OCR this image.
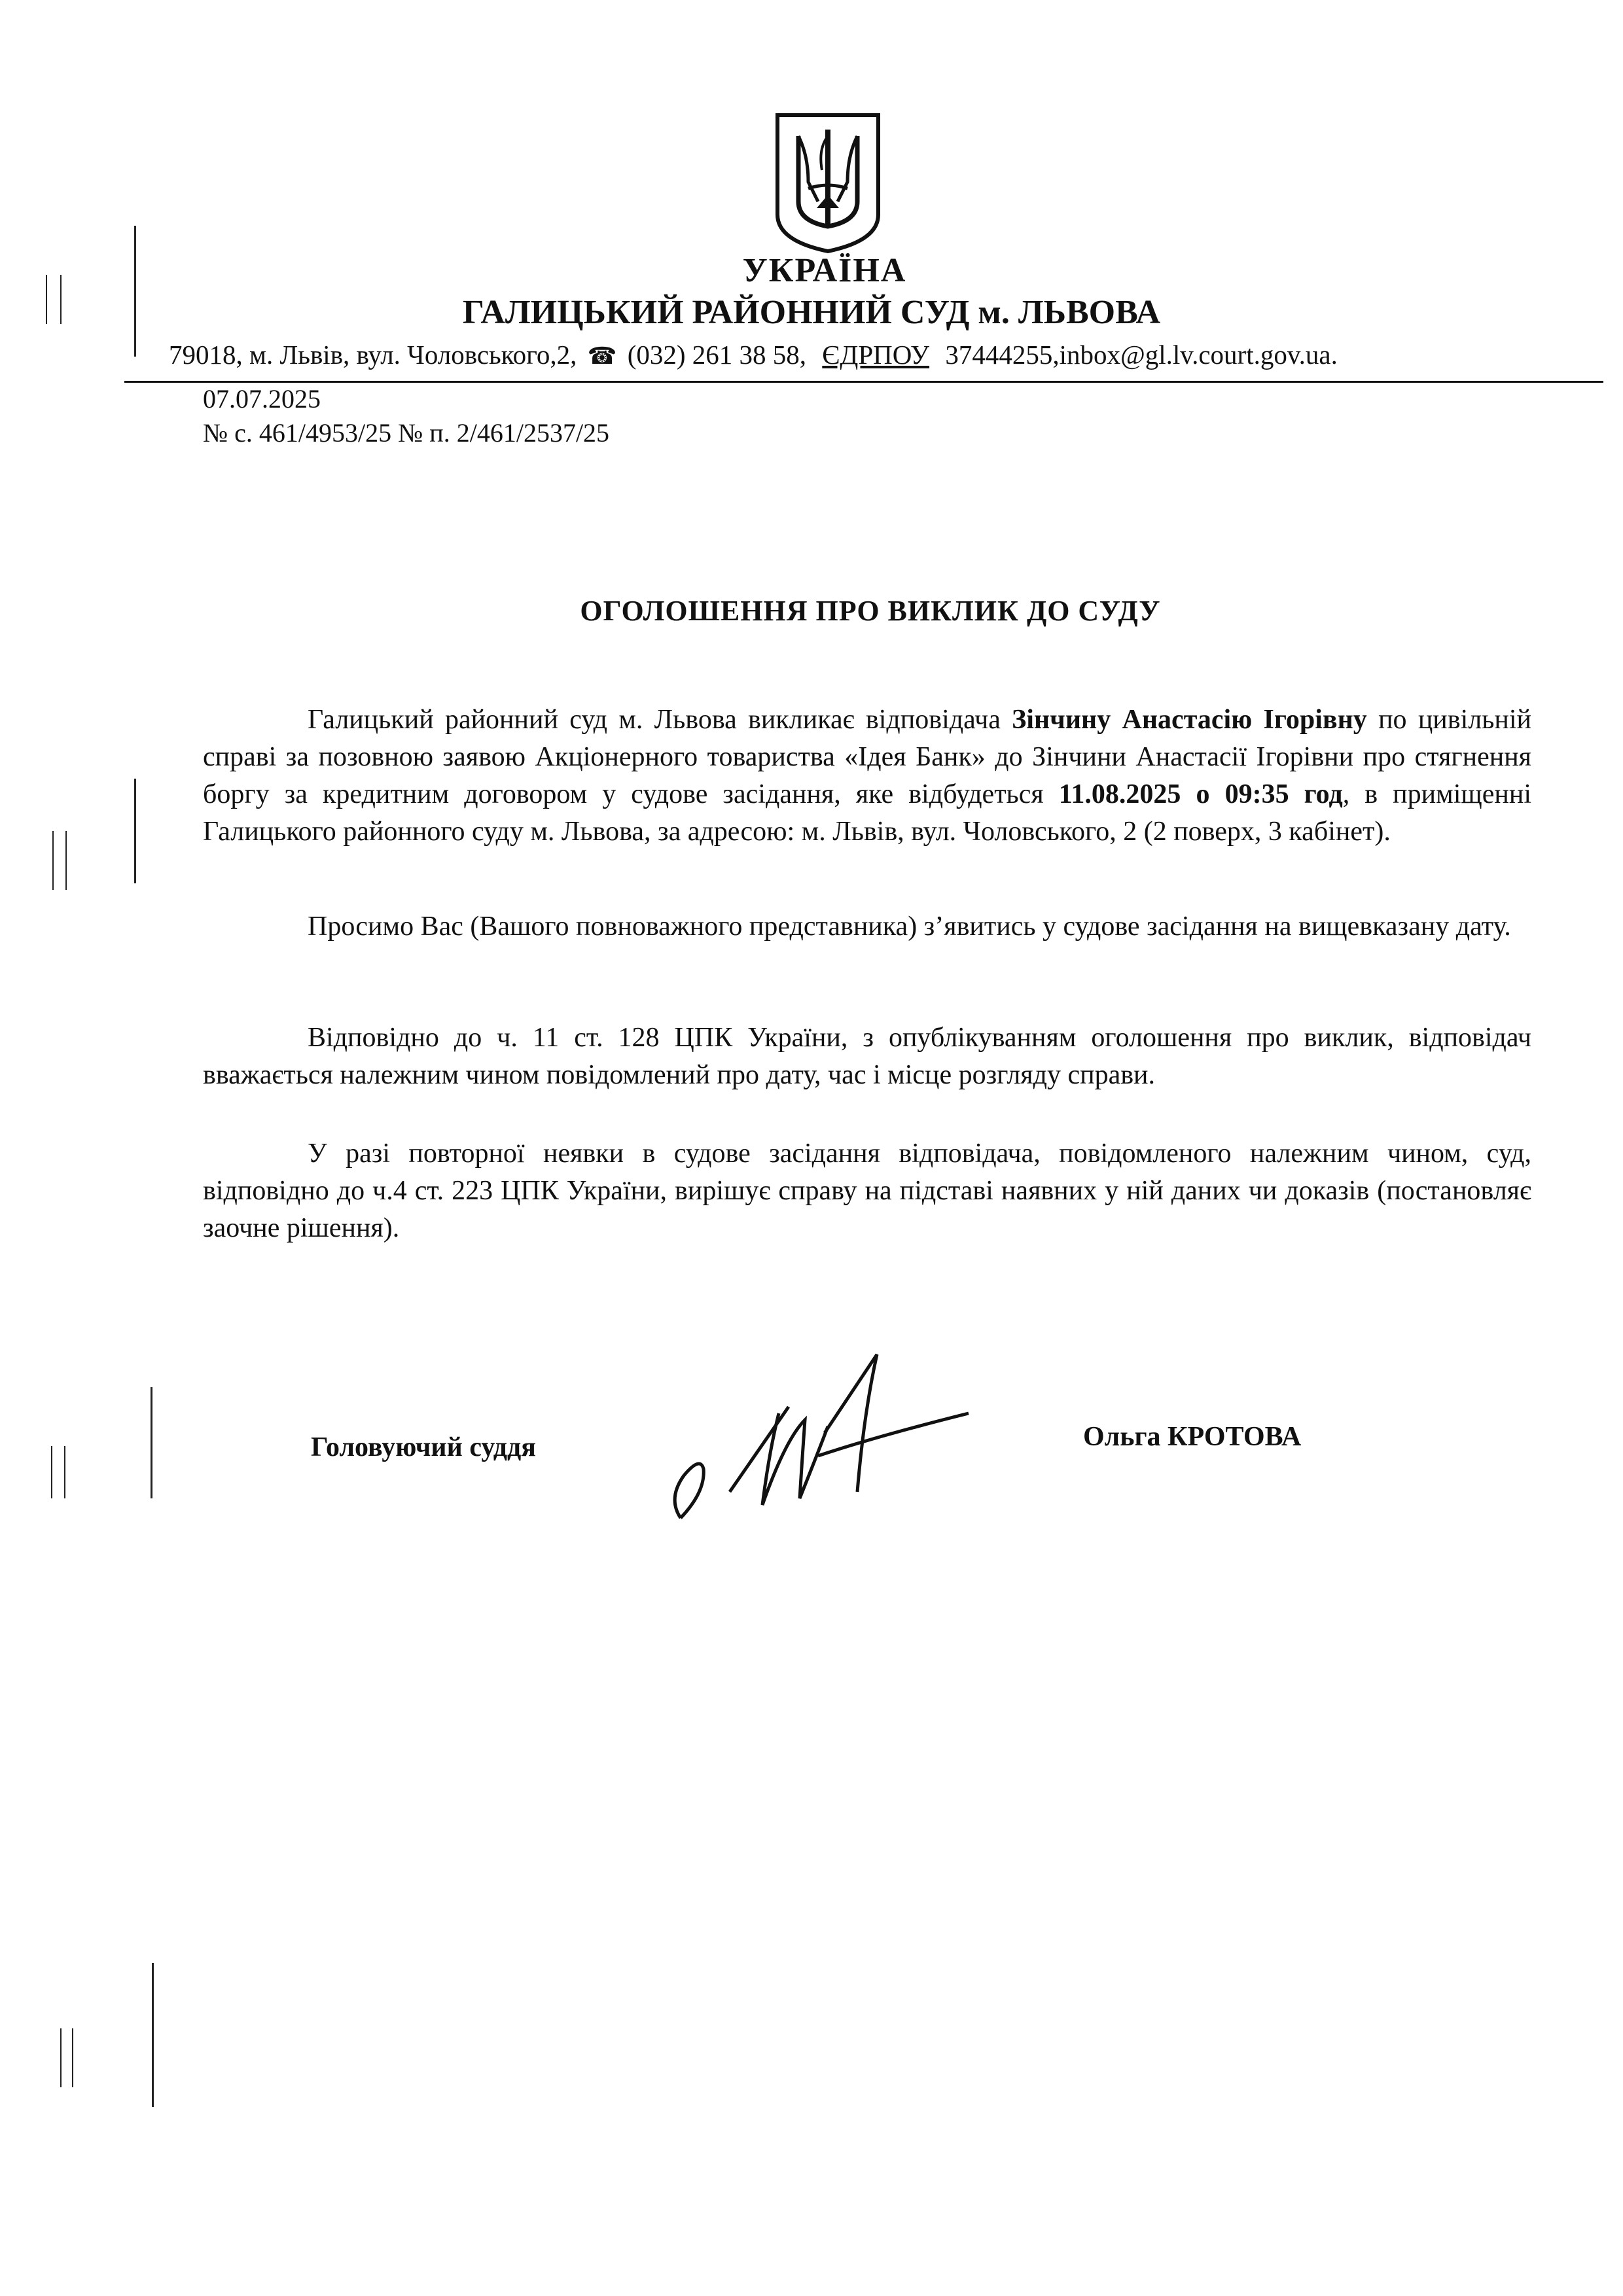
УКРАЇНА
ГАЛИЦЬКИЙ РАЙОННИЙ СУД м. ЛЬВОВА
79018, м. Львів, вул. Чоловського,2, ☎ (032) 261 38 58, ЄДРПОУ 37444255,inbox@gl.lv.court.gov.ua.
07.07.2025
№ с. 461/4953/25 № п. 2/461/2537/25
ОГОЛОШЕННЯ ПРО ВИКЛИК ДО СУДУ
Галицький районний суд м. Львова викликає відповідача Зінчину Анастасію Ігорівну по цивільній справі за позовною заявою Акціонерного товариства «Ідея Банк» до Зінчини Анастасії Ігорівни про стягнення боргу за кредитним договором у судове засідання, яке відбудеться 11.08.2025 о 09:35 год, в приміщенні Галицького районного суду м. Львова, за адресою: м. Львів, вул. Чоловського, 2 (2 поверх, 3 кабінет).
Просимо Вас (Вашого повноважного представника) з’явитись у судове засідання на вищевказану дату.
Відповідно до ч. 11 ст. 128 ЦПК України, з опублікуванням оголошення про виклик, відповідач вважається належним чином повідомлений про дату, час і місце розгляду справи.
У разі повторної неявки в судове засідання відповідача, повідомленого належним чином, суд, відповідно до ч.4 ст. 223 ЦПК України, вирішує справу на підставі наявних у ній даних чи доказів (постановляє заочне рішення).
Головуючий суддя	Ольга КРОТОВА
